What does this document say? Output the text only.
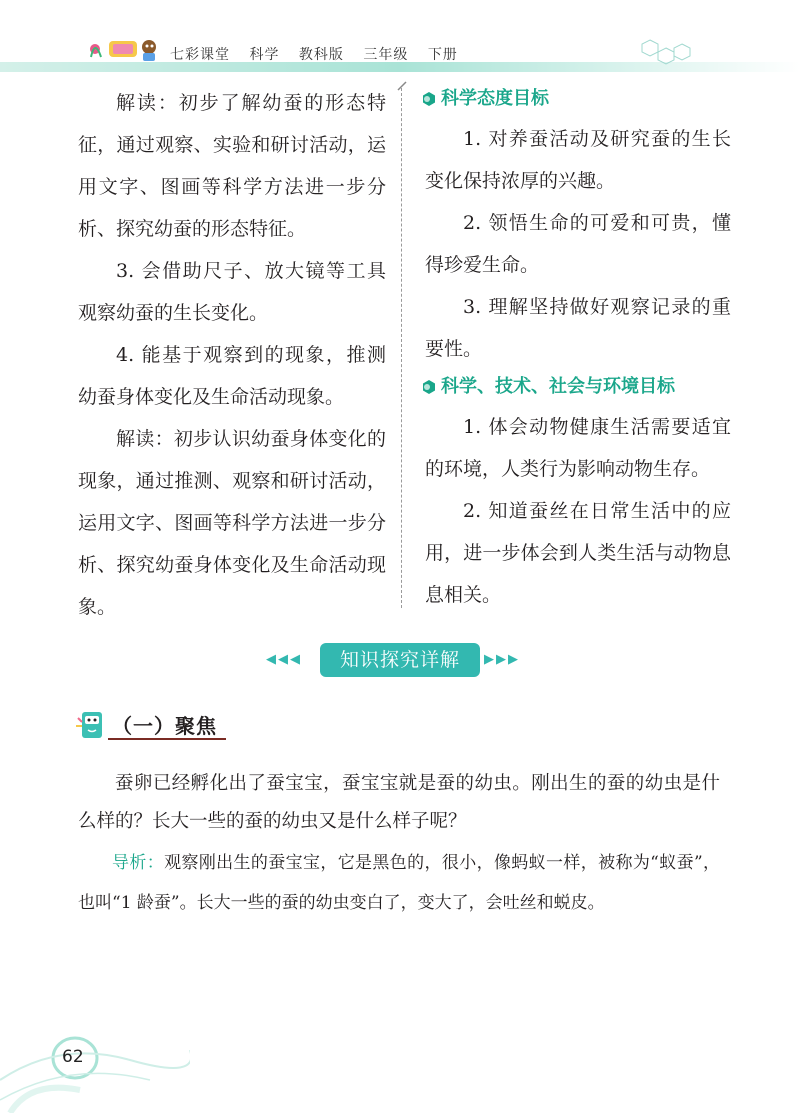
七彩课堂 科学 教科版 三年级 下册

解读：初步了解幼蚕的形态特征，通过观察、实验和研讨活动，运用文字、图画等科学方法进一步分析、探究幼蚕的形态特征。

3. 会借助尺子、放大镜等工具观察幼蚕的生长变化。

4. 能基于观察到的现象，推测幼蚕身体变化及生命活动现象。

解读：初步认识幼蚕身体变化的现象，通过推测、观察和研讨活动，运用文字、图画等科学方法进一步分析、探究幼蚕身体变化及生命活动现象。

科学态度目标

1. 对养蚕活动及研究蚕的生长变化保持浓厚的兴趣。

2. 领悟生命的可爱和可贵，懂得珍爱生命。

3. 理解坚持做好观察记录的重要性。

科学、技术、社会与环境目标

1. 体会动物健康生活需要适宜的环境，人类行为影响动物生存。

2. 知道蚕丝在日常生活中的应用，进一步体会到人类生活与动物息息相关。

◀◀◀	知识探究详解	▶▶▶
（一）聚焦

蚕卵已经孵化出了蚕宝宝，蚕宝宝就是蚕的幼虫。刚出生的蚕的幼虫是什么样的？长大一些的蚕的幼虫又是什么样子呢？

导析：观察刚出生的蚕宝宝，它是黑色的，很小，像蚂蚁一样，被称为“蚁蚕”，也叫“1 龄蚕”。长大一些的蚕的幼虫变白了，变大了，会吐丝和蜕皮。

62
